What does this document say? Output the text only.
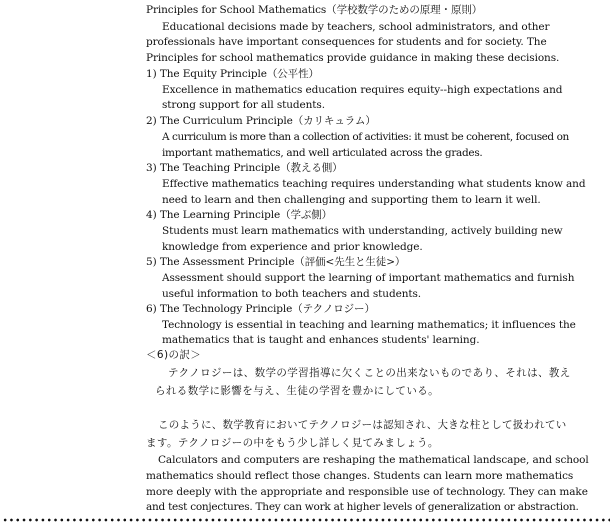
Principles for School Mathematics（学校数学のための原理・原則）
Educational decisions made by teachers, school administrators, and other
professionals have important consequences for students and for society. The
Principles for school mathematics provide guidance in making these decisions.
1) The Equity Principle（公平性）
Excellence in mathematics education requires equity--high expectations and
strong support for all students.
2) The Curriculum Principle（カリキュラム）
A curriculum is more than a collection of activities: it must be coherent, focused on
important mathematics, and well articulated across the grades.
3) The Teaching Principle（教える側）
Effective mathematics teaching requires understanding what students know and
need to learn and then challenging and supporting them to learn it well.
4) The Learning Principle（学ぶ側）
Students must learn mathematics with understanding, actively building new
knowledge from experience and prior knowledge.
5) The Assessment Principle（評価<先生と生徒>）
Assessment should support the learning of important mathematics and furnish
useful information to both teachers and students.
6) The Technology Principle（テクノロジー）
Technology is essential in teaching and learning mathematics; it influences the
mathematics that is taught and enhances students' learning.
＜6)の訳＞
テクノロジーは、数学の学習指導に欠くことの出来ないものであり、それは、教え
られる数学に影響を与え、生徒の学習を豊かにしている。
このように、数学教育においてテクノロジーは認知され、大きな柱として扱われてい
ます。テクノロジーの中をもう少し詳しく見てみましょう。
Calculators and computers are reshaping the mathematical landscape, and school
mathematics should reflect those changes. Students can learn more mathematics
more deeply with the appropriate and responsible use of technology. They can make
and test conjectures. They can work at higher levels of generalization or abstraction.
